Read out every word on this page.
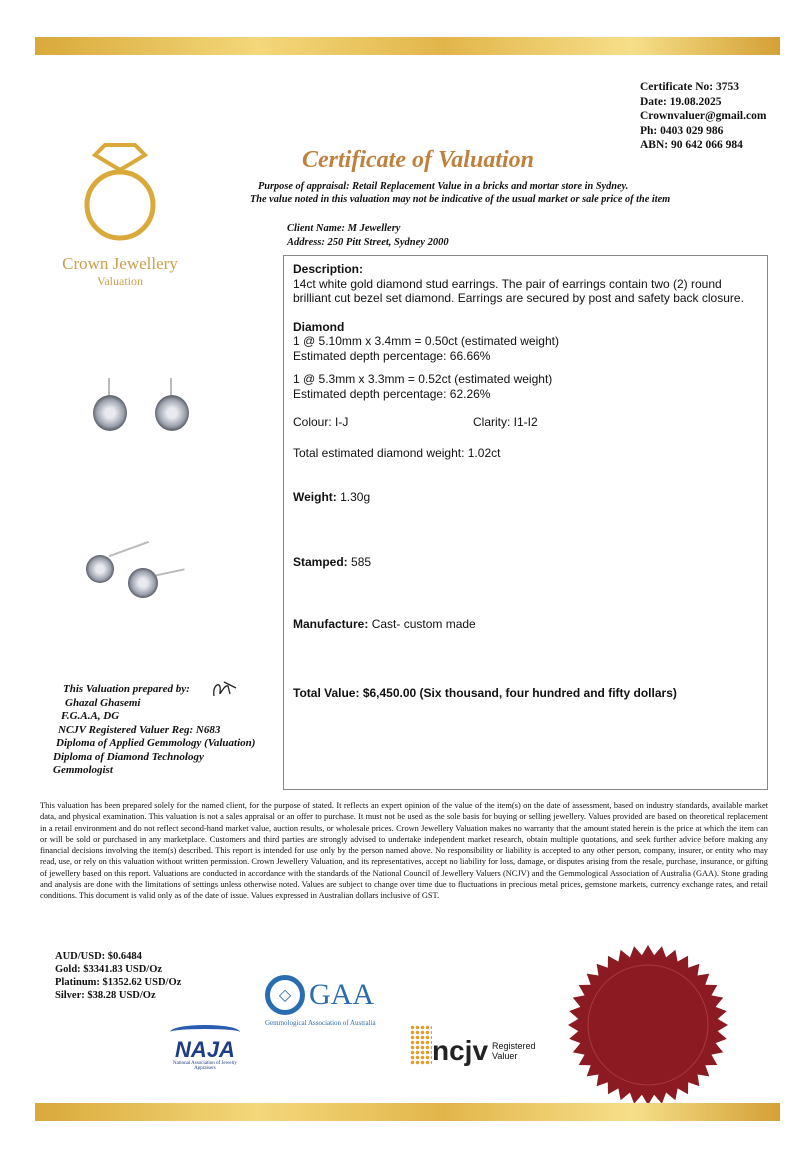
Crown Jewellery
Valuation
Certificate No: 3753
Date: 19.08.2025
Crownvaluer@gmail.com
Ph: 0403 029 986
ABN: 90 642 066 984
Certificate of Valuation
Purpose of appraisal: Retail Replacement Value in a bricks and mortar store in Sydney.
The value noted in this valuation may not be indicative of the usual market or sale price of the item
Client Name: M Jewellery
Address: 250 Pitt Street, Sydney 2000
Description:
14ct white gold diamond stud earrings. The pair of earrings contain two (2) round brilliant cut bezel set diamond. Earrings are secured by post and safety back closure.
Diamond
1 @ 5.10mm x 3.4mm = 0.50ct (estimated weight)
Estimated depth percentage: 66.66%
1 @ 5.3mm x 3.3mm = 0.52ct (estimated weight)
Estimated depth percentage: 62.26%
Colour: I-J	Clarity: I1-I2
Total estimated diamond weight: 1.02ct
Weight: 1.30g
Stamped: 585
Manufacture: Cast- custom made
Total Value: $6,450.00 (Six thousand, four hundred and fifty dollars)
This Valuation prepared by:
Ghazal Ghasemi
F.G.A.A, DG
NCJV Registered Valuer Reg: N683
Diploma of Applied Gemmology (Valuation)
Diploma of Diamond Technology
Gemmologist
This valuation has been prepared solely for the named client, for the purpose of stated. It reflects an expert opinion of the value of the item(s) on the date of assessment, based on industry standards, available market data, and physical examination. This valuation is not a sales appraisal or an offer to purchase. It must not be used as the sole basis for buying or selling jewellery. Values provided are based on theoretical replacement in a retail environment and do not reflect second-hand market value, auction results, or wholesale prices. Crown Jewellery Valuation makes no warranty that the amount stated herein is the price at which the item can or will be sold or purchased in any marketplace. Customers and third parties are strongly advised to undertake independent market research, obtain multiple quotations, and seek further advice before making any financial decisions involving the item(s) described. This report is intended for use only by the person named above. No responsibility or liability is accepted to any other person, company, insurer, or entity who may read, use, or rely on this valuation without written permission. Crown Jewellery Valuation, and its representatives, accept no liability for loss, damage, or disputes arising from the resale, purchase, insurance, or gifting of jewellery based on this report. Valuations are conducted in accordance with the standards of the National Council of Jewellery Valuers (NCJV) and the Gemmological Association of Australia (GAA). Stone grading and analysis are done with the limitations of settings unless otherwise noted. Values are subject to change over time due to fluctuations in precious metal prices, gemstone markets, currency exchange rates, and retail conditions. This document is valid only as of the date of issue. Values expressed in Australian dollars inclusive of GST.
AUD/USD: $0.6484
Gold: $3341.83 USD/Oz
Platinum: $1352.62 USD/Oz
Silver: $38.28 USD/Oz	◇ GAA
Gemmological Association of Australia
NAJA
National Association of Jewelry Appraisers
ncjv Registered Valuer
